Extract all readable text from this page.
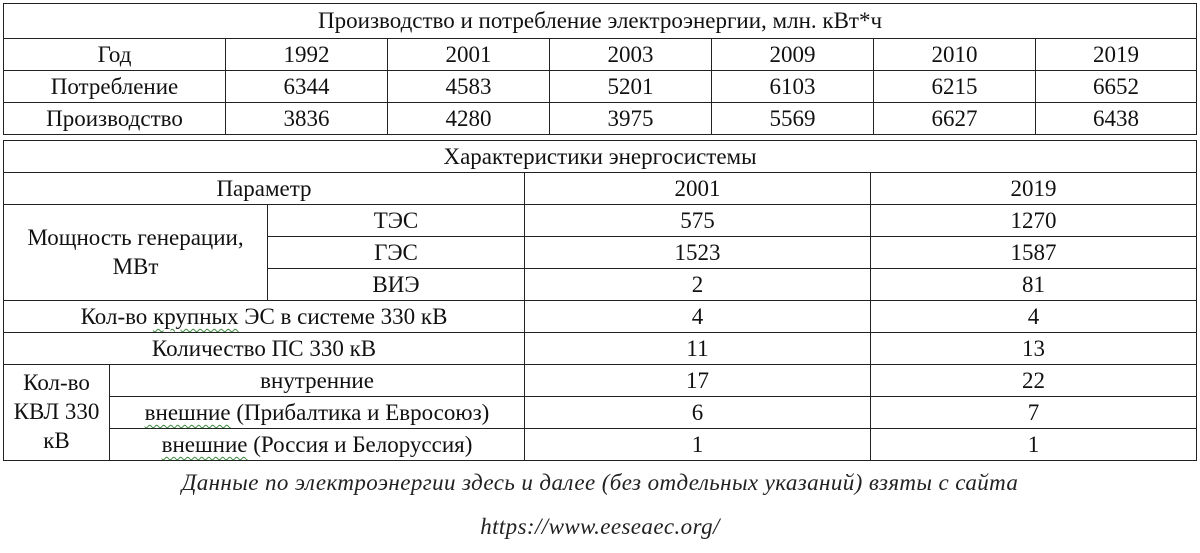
Производство и потребление электроэнергии, млн. кВт*ч						
Год	1992	2001	2003	2009	2010	2019
Потребление	6344	4583	5201	6103	6215	6652
Производство	3836	4280	3975	5569	6627	6438
Характеристики энергосистемы				
Параметр			2001	2019
Мощность генерации, МВт		ТЭС	575	1270
		ГЭС	1523	1587
		ВИЭ	2	81
Кол-во крупных ЭС в системе 330 кВ			4	4
Количество ПС 330 кВ			11	13
Кол-во КВЛ 330 кВ	внутренние		17	22
	внешние (Прибалтика и Евросоюз)		6	7
	внешние (Россия и Белоруссия)		1	1
Данные по электроэнергии здесь и далее (без отдельных указаний) взяты с сайта
https://www.eeseaec.org/
